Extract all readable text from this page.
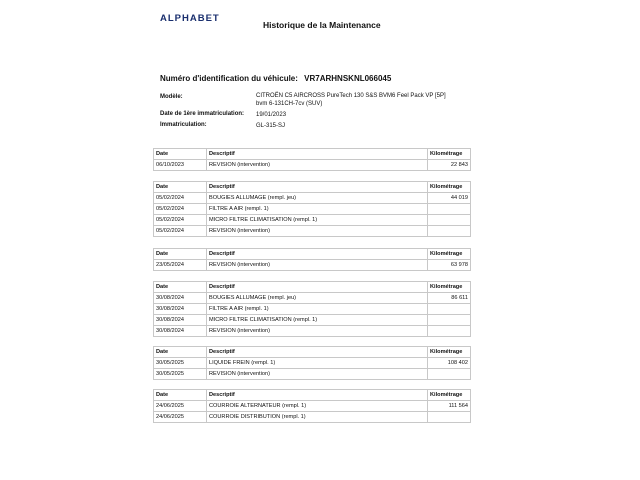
ALPHABET
Historique de la Maintenance
Numéro d'identification du véhicule: VR7ARHNSKNL066045
Modèle:	CITROËN C5 AIRCROSS PureTech 130 S&S BVM6 Feel Pack VP [5P]
bvm 6-131CH-7cv (SUV)
Date de 1ère immatriculation: 19/01/2023
Immatriculation:	GL-315-SJ
Date	Descriptif	Kilométrage
06/10/2023	REVISION (intervention)	22 843
Date	Descriptif	Kilométrage
05/02/2024	BOUGIES ALLUMAGE (rempl. jeu)	44 019
05/02/2024	FILTRE A AIR (rempl. 1)	
05/02/2024	MICRO FILTRE CLIMATISATION (rempl. 1)	
05/02/2024	REVISION (intervention)	
Date	Descriptif	Kilométrage
23/05/2024	REVISION (intervention)	63 978
Date	Descriptif	Kilométrage
30/08/2024	BOUGIES ALLUMAGE (rempl. jeu)	86 611
30/08/2024	FILTRE A AIR (rempl. 1)	
30/08/2024	MICRO FILTRE CLIMATISATION (rempl. 1)	
30/08/2024	REVISION (intervention)	
Date	Descriptif	Kilométrage
30/05/2025	LIQUIDE FREIN (rempl. 1)	108 402
30/05/2025	REVISION (intervention)	
Date	Descriptif	Kilométrage
24/06/2025	COURROIE ALTERNATEUR (rempl. 1)	111 564
24/06/2025	COURROIE DISTRIBUTION (rempl. 1)	
